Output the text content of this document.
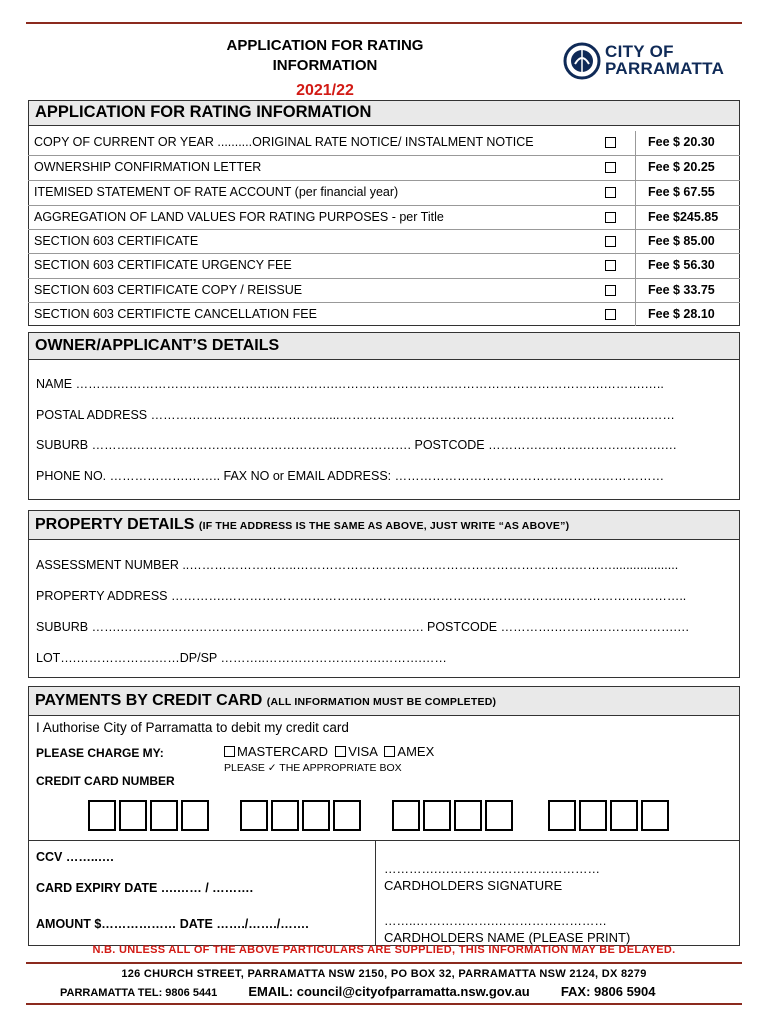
APPLICATION FOR RATING
INFORMATION
2021/22
CITY OF
PARRAMATTA
APPLICATION FOR RATING INFORMATION
COPY OF CURRENT OR YEAR ..........ORIGINAL RATE NOTICE/ INSTALMENT NOTICE	Fee $ 20.30
OWNERSHIP CONFIRMATION LETTER	Fee $ 20.25
ITEMISED STATEMENT OF RATE ACCOUNT (per financial year)	Fee $ 67.55
AGGREGATION OF LAND VALUES FOR RATING PURPOSES - per Title	Fee $245.85
SECTION 603 CERTIFICATE	Fee $ 85.00
SECTION 603 CERTIFICATE URGENCY FEE	Fee $ 56.30
SECTION 603 CERTIFICATE COPY / REISSUE	Fee $ 33.75
SECTION 603 CERTIFICTE CANCELLATION FEE	Fee $ 28.10
OWNER/APPLICANT’S DETAILS
NAME ……….………………….………….…..………….……………………….……………………………….……….…..
POSTAL ADDRESS ………………………………….…...…………………………………….……….……………….………
SUBURB ……….…………………………………………………………. POSTCODE ………….……….……….……….…
PHONE NO. ……………….…….. FAX NO or EMAIL ADDRESS: ………………………………….……….……………
PROPERTY DETAILS (IF THE ADDRESS IS THE SAME AS ABOVE, JUST WRITE “AS ABOVE”)
ASSESSMENT NUMBER ..……………………..………………………………………………………….………...................
PROPERTY ADDRESS ………….……………………………………….…………………….………..…………….…………..
SUBURB …….………………………………………………………………. POSTCODE ………….……….……….……….…
LOT….……………….……DP/SP ………..……………………….……….……
PAYMENTS BY CREDIT CARD (ALL INFORMATION MUST BE COMPLETED)
I Authorise City of Parramatta to debit my credit card
PLEASE CHARGE MY:	MASTERCARD VISA AMEX
PLEASE ✓ THE APPROPRIATE BOX
CREDIT CARD NUMBER
CCV ……..….
CARD EXPIRY DATE ….…… / ……….
AMOUNT $……………… DATE ……./……./…….
………….…………………………………
CARDHOLDERS SIGNATURE
……..……………….………………………
CARDHOLDERS NAME (PLEASE PRINT)
N.B. UNLESS ALL OF THE ABOVE PARTICULARS ARE SUPPLIED, THIS INFORMATION MAY BE DELAYED.
126 CHURCH STREET, PARRAMATTA NSW 2150, PO BOX 32, PARRAMATTA NSW 2124, DX 8279
PARRAMATTA TEL: 9806 5441 EMAIL: council@cityofparramatta.nsw.gov.au FAX: 9806 5904
